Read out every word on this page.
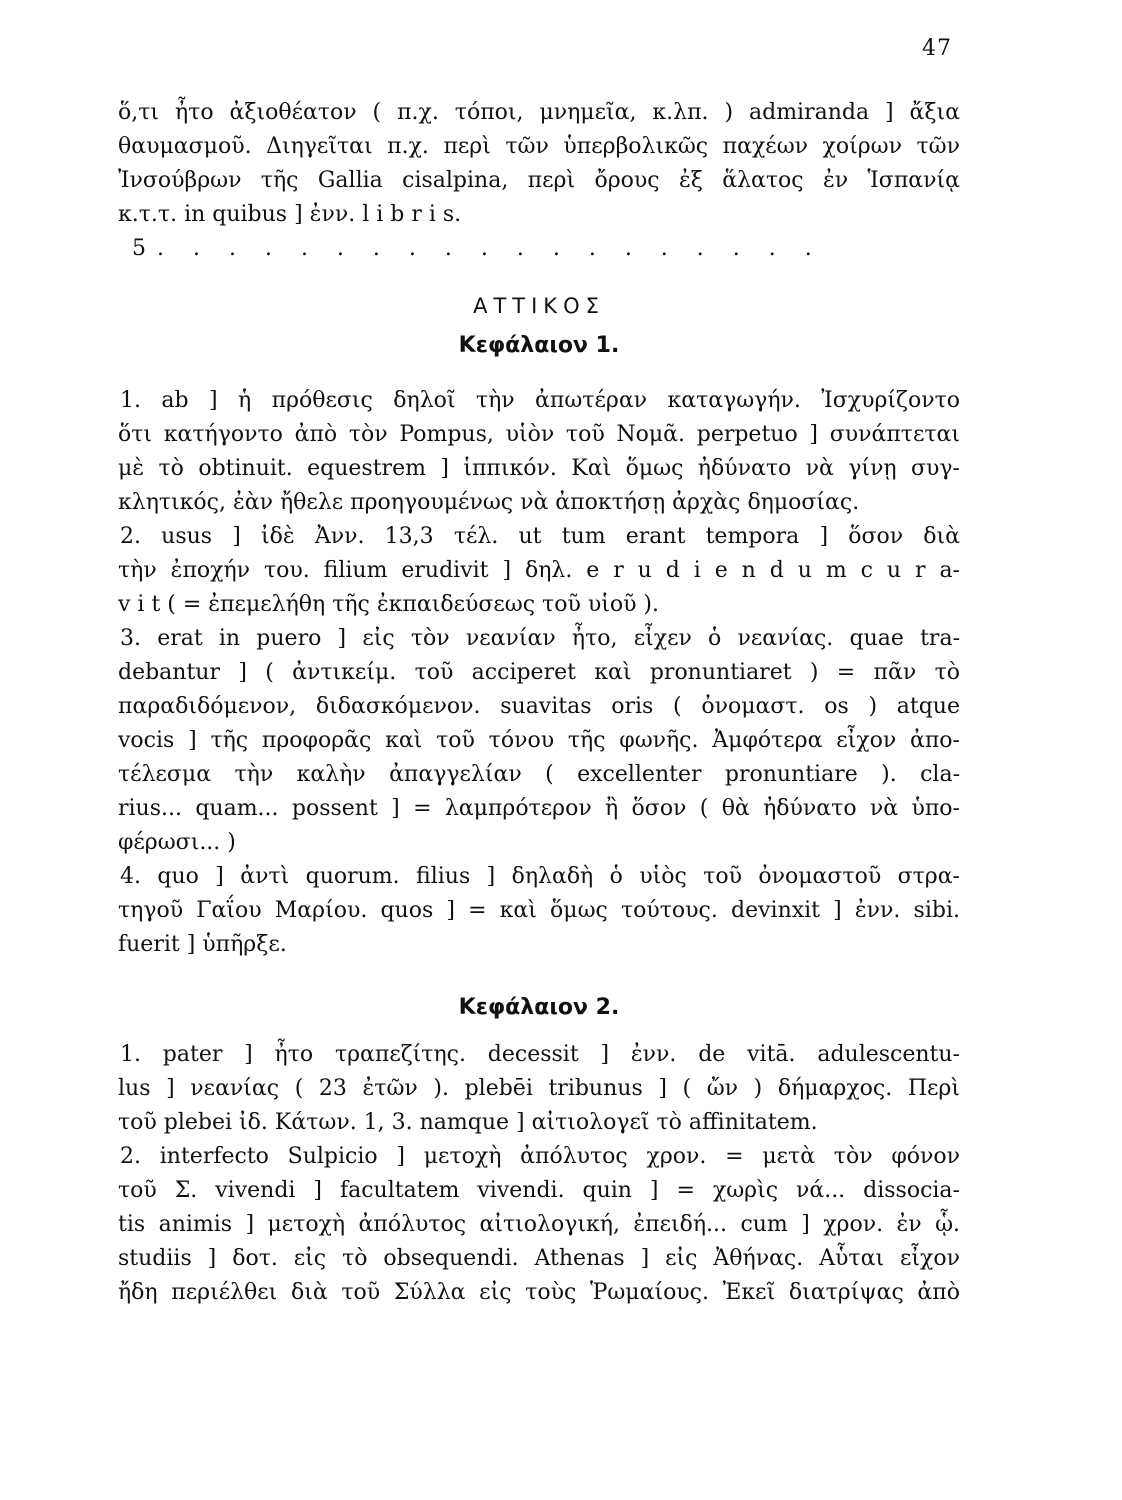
47
ὅ,τι ἦτο ἀξιοθέατον ( π.χ. τόποι, μνημεῖα, κ.λπ. ) admiranda ] ἄξια
θαυμασμοῦ. Διηγεῖται π.χ. περὶ τῶν ὑπερβολικῶς παχέων χοίρων τῶν
Ἰνσούβρων τῆς Gallia cisalpina, περὶ ὄρους ἐξ ἅλατος ἐν Ἱσπανίᾳ
κ.τ.τ. in quibus ] ἐνν. l i b r i s.
5. . . . . . . . . . . . . . . . . . .
ΑΤΤΙΚΟΣ
Κεφάλαιον 1.
1. ab ] ἡ πρόθεσις δηλοῖ τὴν ἀπωτέραν καταγωγήν. Ἰσχυρίζοντο
ὅτι κατήγοντο ἀπὸ τὸν Pompus, υἱὸν τοῦ Νομᾶ. perpetuo ] συνάπτεται
μὲ τὸ obtinuit. equestrem ] ἱππικόν. Καὶ ὅμως ἠδύνατο νὰ γίνῃ συγ-
κλητικός, ἐὰν ἤθελε προηγουμένως νὰ ἀποκτήσῃ ἀρχὰς δημοσίας.
2. usus ] ἰδὲ Ἀνν. 13,3 τέλ. ut tum erant tempora ] ὅσον διὰ
τὴν ἐποχήν του. filium erudivit ] δηλ. e r u d i e n d u m c u r a-
v i t ( = ἐπεμελήθη τῆς ἐκπαιδεύσεως τοῦ υἱοῦ ).
3. erat in puero ] εἰς τὸν νεανίαν ἦτο, εἶχεν ὁ νεανίας. quae tra-
debantur ] ( ἀντικείμ. τοῦ acciperet καὶ pronuntiaret ) = πᾶν τὸ
παραδιδόμενον, διδασκόμενον. suavitas oris ( ὀνομαστ. os ) atque
vocis ] τῆς προφορᾶς καὶ τοῦ τόνου τῆς φωνῆς. Ἀμφότερα εἶχον ἀπο-
τέλεσμα τὴν καλὴν ἀπαγγελίαν ( excellenter pronuntiare ). cla-
rius... quam... possent ] = λαμπρότερον ἢ ὅσον ( θὰ ἠδύνατο νὰ ὑπο-
φέρωσι... )
4. quo ] ἀντὶ quorum. filius ] δηλαδὴ ὁ υἱὸς τοῦ ὀνομαστοῦ στρα-
τηγοῦ Γαΐου Μαρίου. quos ] = καὶ ὅμως τούτους. devinxit ] ἐνν. sibi.
fuerit ] ὑπῆρξε.
Κεφάλαιον 2.
1. pater ] ἦτο τραπεζίτης. decessit ] ἐνν. de vitā. adulescentu-
lus ] νεανίας ( 23 ἐτῶν ). plebēi tribunus ] ( ὤν ) δήμαρχος. Περὶ
τοῦ plebei ἰδ. Κάτων. 1, 3. namque ] αἰτιολογεῖ τὸ affinitatem.
2. interfecto Sulpicio ] μετοχὴ ἀπόλυτος χρον. = μετὰ τὸν φόνον
τοῦ Σ. vivendi ] facultatem vivendi. quin ] = χωρὶς νά... dissocia-
tis animis ] μετοχὴ ἀπόλυτος αἰτιολογική, ἐπειδή... cum ] χρον. ἐν ᾧ.
studiis ] δοτ. εἰς τὸ obsequendi. Athenas ] εἰς Ἀθήνας. Αὗται εἶχον
ἤδη περιέλθει διὰ τοῦ Σύλλα εἰς τοὺς Ῥωμαίους. Ἐκεῖ διατρίψας ἀπὸ
